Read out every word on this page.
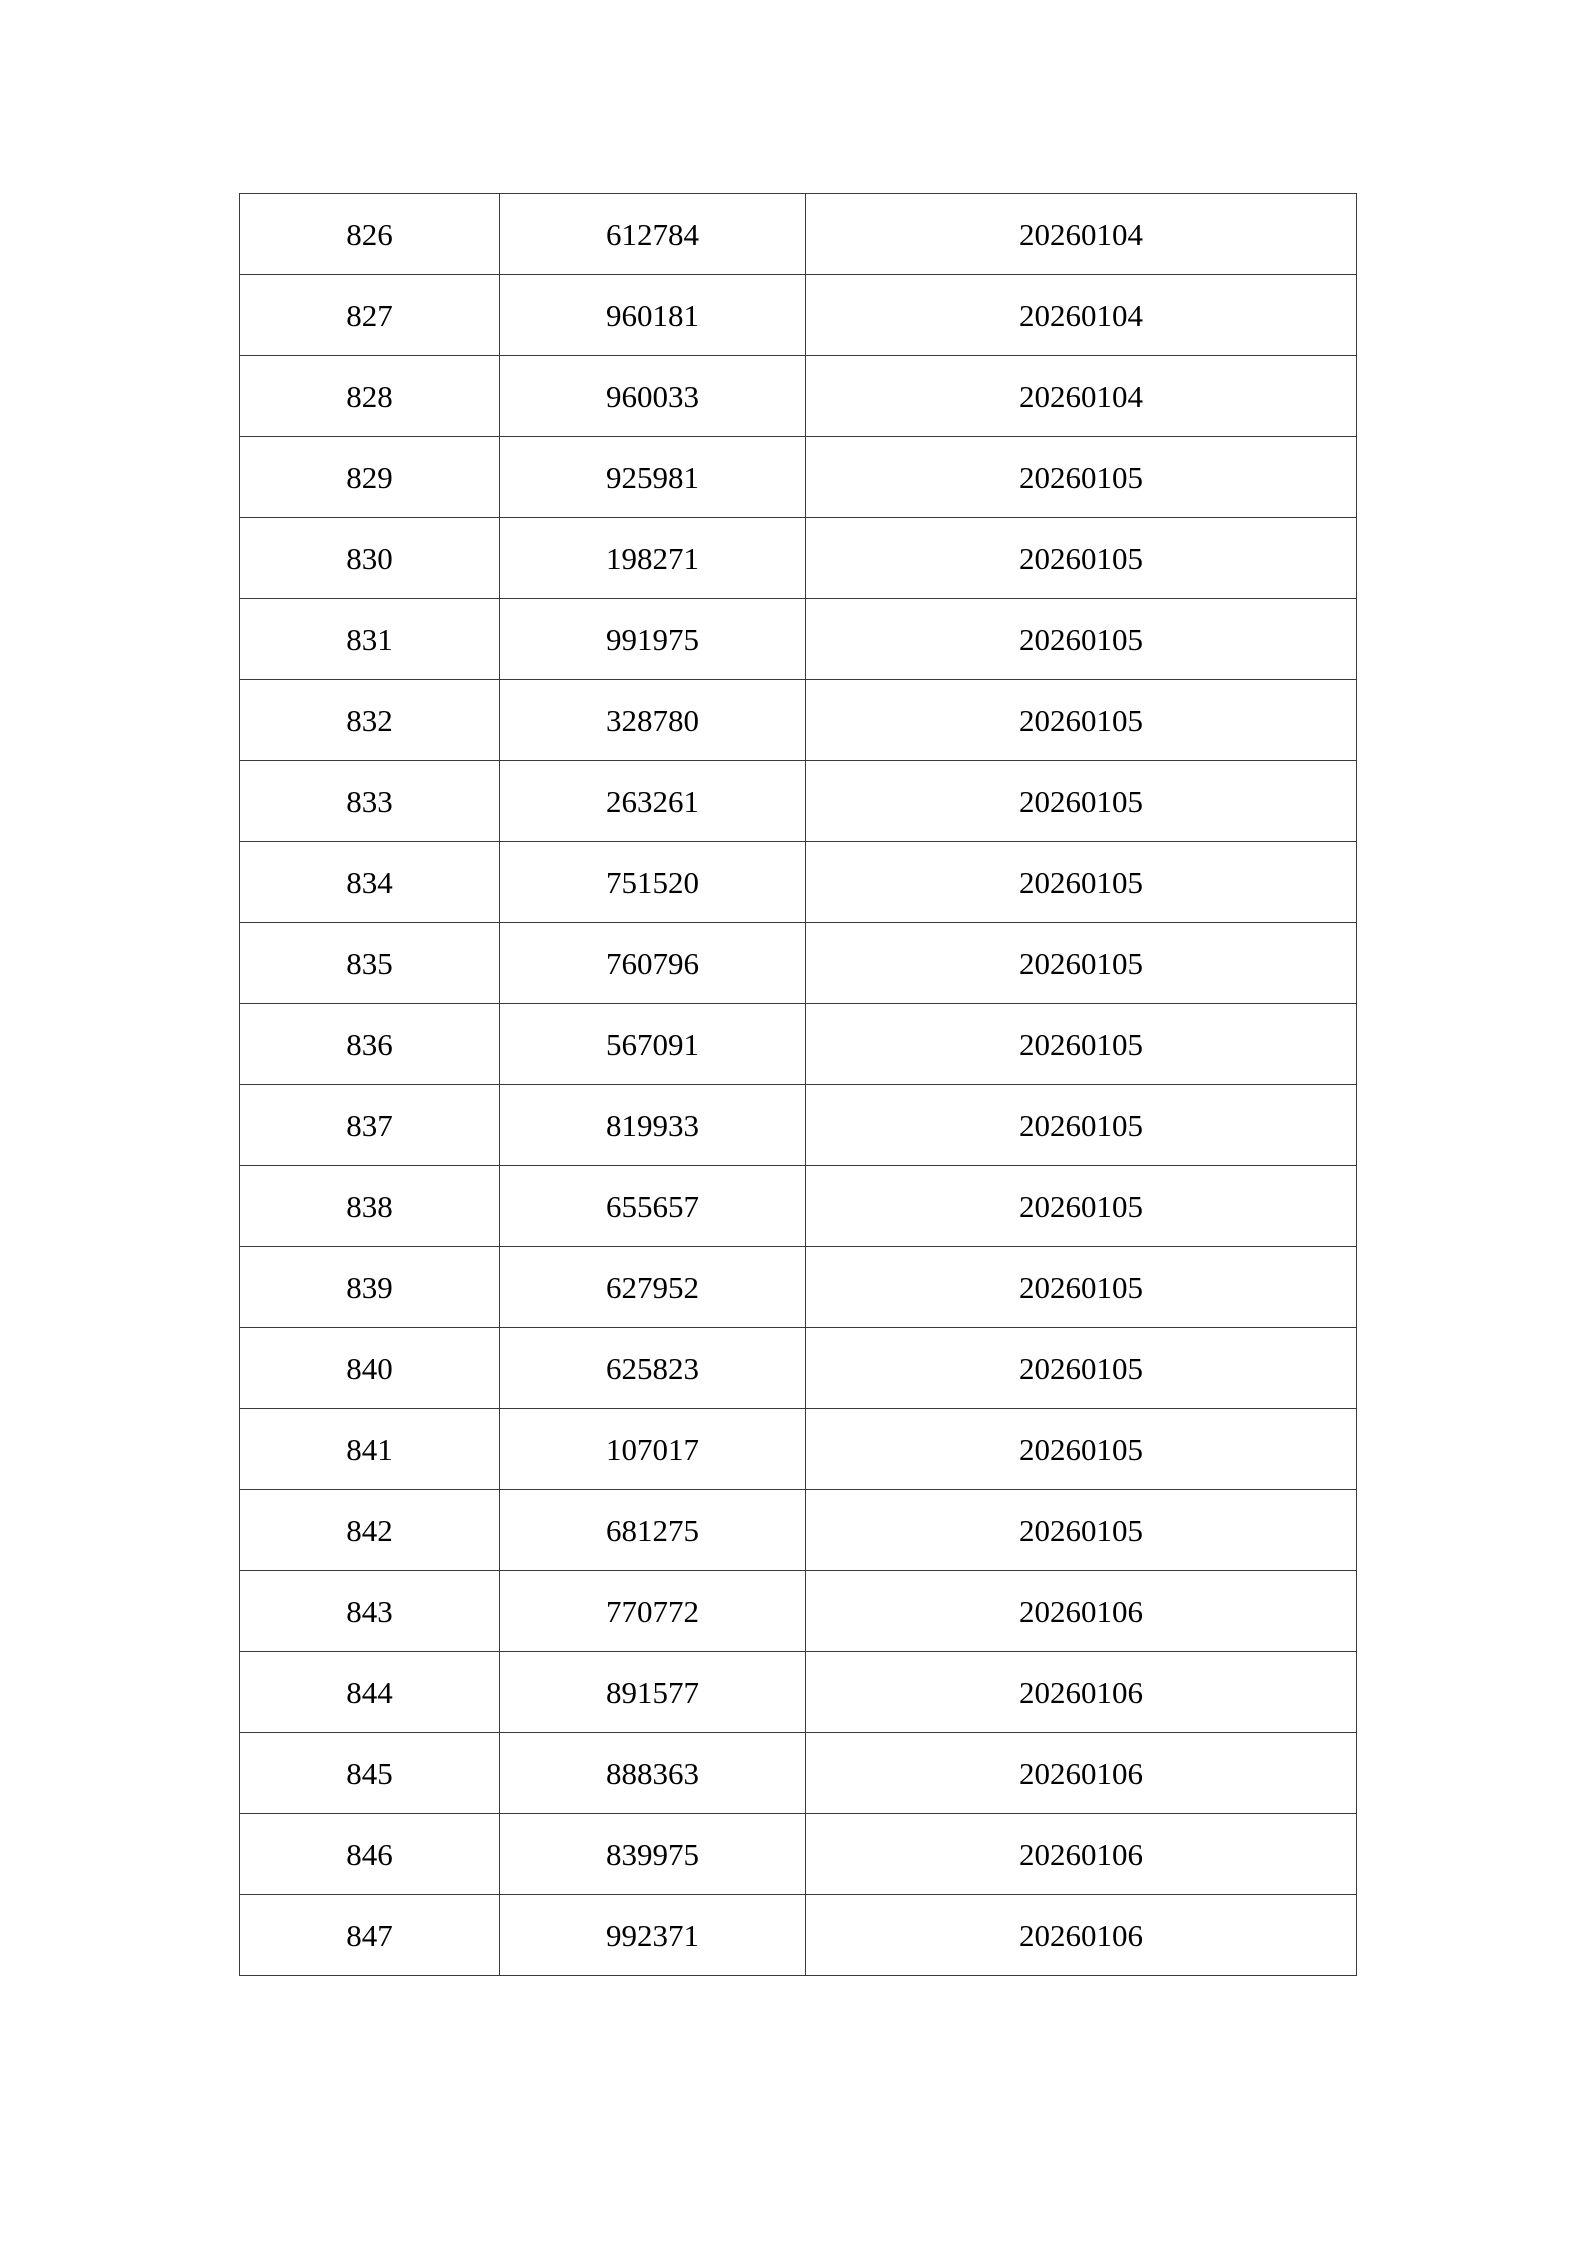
826	612784	20260104
827	960181	20260104
828	960033	20260104
829	925981	20260105
830	198271	20260105
831	991975	20260105
832	328780	20260105
833	263261	20260105
834	751520	20260105
835	760796	20260105
836	567091	20260105
837	819933	20260105
838	655657	20260105
839	627952	20260105
840	625823	20260105
841	107017	20260105
842	681275	20260105
843	770772	20260106
844	891577	20260106
845	888363	20260106
846	839975	20260106
847	992371	20260106
